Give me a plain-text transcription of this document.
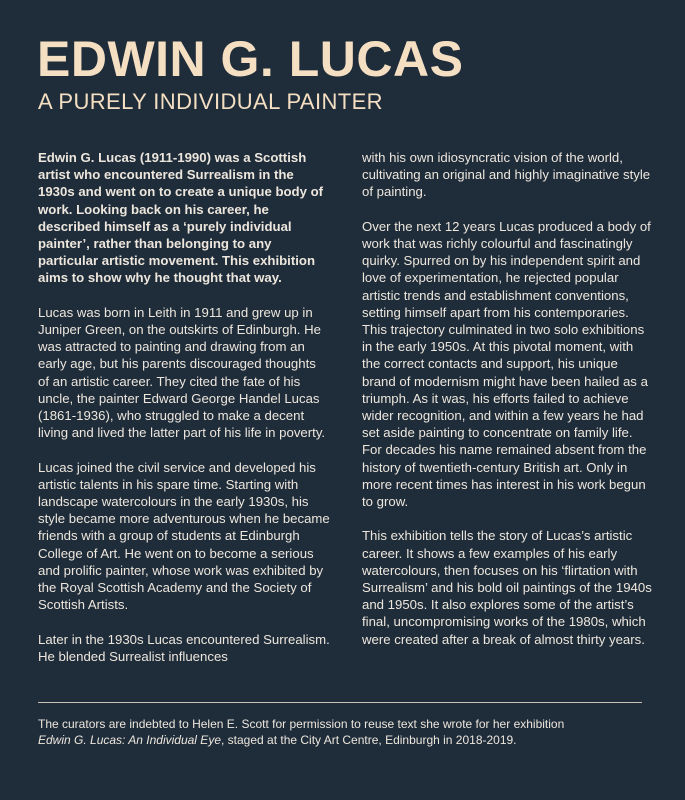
EDWIN G. LUCAS
A PURELY INDIVIDUAL PAINTER

Edwin G. Lucas (1911-1990) was a Scottish artist who encountered Surrealism in the 1930s and went on to create a unique body of work. Looking back on his career, he described himself as a ‘purely individual painter’, rather than belonging to any particular artistic movement. This exhibition aims to show why he thought that way.

Lucas was born in Leith in 1911 and grew up in Juniper Green, on the outskirts of Edinburgh. He was attracted to painting and drawing from an early age, but his parents discouraged thoughts of an artistic career. They cited the fate of his uncle, the painter Edward George Handel Lucas (1861-1936), who struggled to make a decent living and lived the latter part of his life in poverty.

Lucas joined the civil service and developed his artistic talents in his spare time. Starting with landscape watercolours in the early 1930s, his style became more adventurous when he became friends with a group of students at Edinburgh College of Art. He went on to become a serious and prolific painter, whose work was exhibited by the Royal Scottish Academy and the Society of Scottish Artists.

Later in the 1930s Lucas encountered Surrealism. He blended Surrealist influences

with his own idiosyncratic vision of the world, cultivating an original and highly imaginative style of painting.

Over the next 12 years Lucas produced a body of work that was richly colourful and fascinatingly quirky. Spurred on by his independent spirit and love of experimentation, he rejected popular artistic trends and establishment conventions, setting himself apart from his contemporaries. This trajectory culminated in two solo exhibitions in the early 1950s. At this pivotal moment, with the correct contacts and support, his unique brand of modernism might have been hailed as a triumph. As it was, his efforts failed to achieve wider recognition, and within a few years he had set aside painting to concentrate on family life. For decades his name remained absent from the history of twentieth-century British art. Only in more recent times has interest in his work begun to grow.

This exhibition tells the story of Lucas’s artistic career. It shows a few examples of his early watercolours, then focuses on his ‘flirtation with Surrealism’ and his bold oil paintings of the 1940s and 1950s. It also explores some of the artist’s final, uncompromising works of the 1980s, which were created after a break of almost thirty years.

The curators are indebted to Helen E. Scott for permission to reuse text she wrote for her exhibition
Edwin G. Lucas: An Individual Eye, staged at the City Art Centre, Edinburgh in 2018-2019.
